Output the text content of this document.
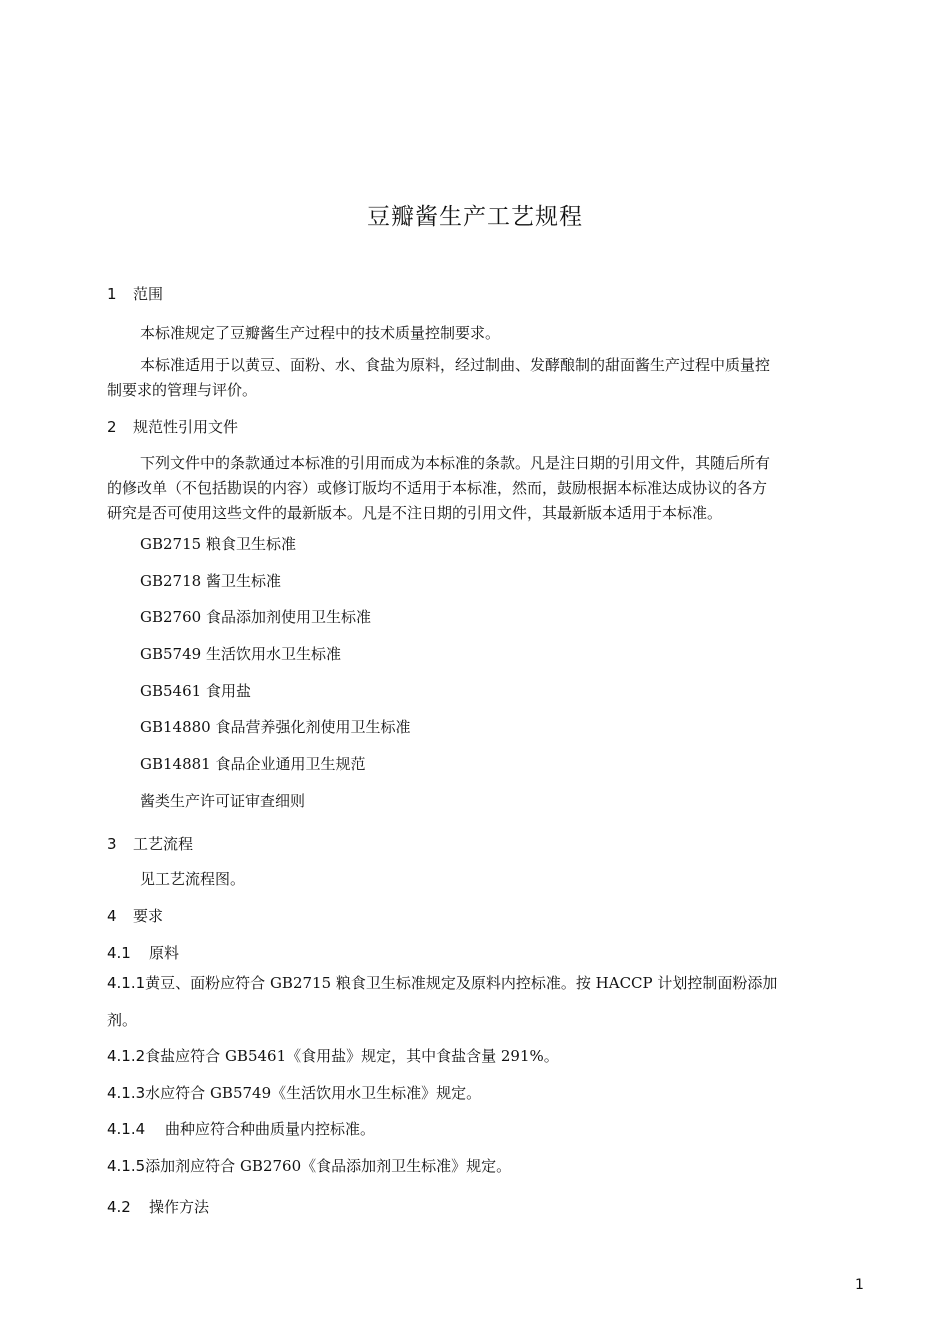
豆瓣酱生产工艺规程
1 范围
本标准规定了豆瓣酱生产过程中的技术质量控制要求。
本标准适用于以黄豆、面粉、水、食盐为原料，经过制曲、发酵酿制的甜面酱生产过程中质量控
制要求的管理与评价。
2 规范性引用文件
下列文件中的条款通过本标准的引用而成为本标准的条款。凡是注日期的引用文件，其随后所有
的修改单（不包括勘误的内容）或修订版均不适用于本标准，然而，鼓励根据本标准达成协议的各方
研究是否可使用这些文件的最新版本。凡是不注日期的引用文件，其最新版本适用于本标准。
GB2715 粮食卫生标准
GB2718 酱卫生标准
GB2760 食品添加剂使用卫生标准
GB5749 生活饮用水卫生标准
GB5461 食用盐
GB14880 食品营养强化剂使用卫生标准
GB14881 食品企业通用卫生规范
酱类生产许可证审查细则
3 工艺流程
见工艺流程图。
4 要求
4.1 原料
4.1.1黄豆、面粉应符合 GB2715 粮食卫生标准规定及原料内控标准。按 HACCP 计划控制面粉添加
剂。
4.1.2食盐应符合 GB5461《食用盐》规定，其中食盐含量 291%。
4.1.3水应符合 GB5749《生活饮用水卫生标准》规定。
4.1.4 曲种应符合种曲质量内控标准。
4.1.5添加剂应符合 GB2760《食品添加剂卫生标准》规定。
4.2 操作方法
1
